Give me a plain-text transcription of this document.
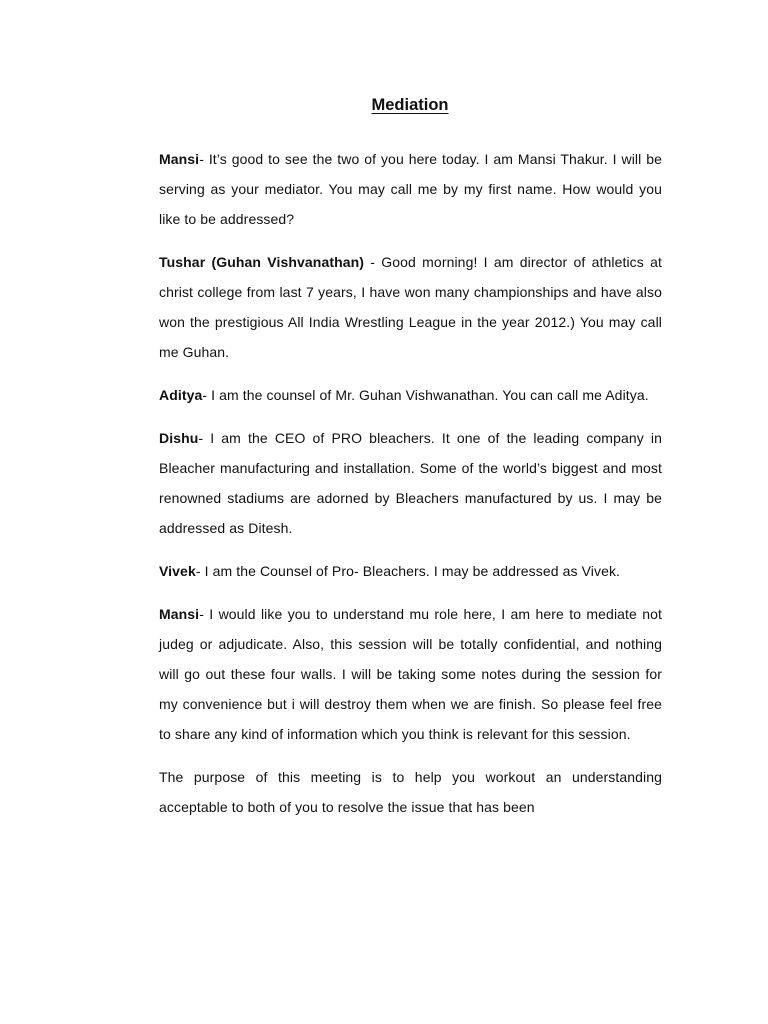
Mediation

Mansi- It’s good to see the two of you here today. I am Mansi Thakur. I will be serving as your mediator. You may call me by my first name. How would you like to be addressed?

Tushar (Guhan Vishvanathan) - Good morning! I am director of athletics at christ college from last 7 years, I have won many championships and have also won the prestigious All India Wrestling League in the year 2012.) You may call me Guhan.

Aditya- I am the counsel of Mr. Guhan Vishwanathan. You can call me Aditya.

Dishu- I am the CEO of PRO bleachers. It one of the leading company in Bleacher manufacturing and installation. Some of the world’s biggest and most renowned stadiums are adorned by Bleachers manufactured by us. I may be addressed as Ditesh.

Vivek- I am the Counsel of Pro- Bleachers. I may be addressed as Vivek.

Mansi- I would like you to understand mu role here, I am here to mediate not judeg or adjudicate. Also, this session will be totally confidential, and nothing will go out these four walls. I will be taking some notes during the session for my convenience but i will destroy them when we are finish. So please feel free to share any kind of information which you think is relevant for this session.

The purpose of this meeting is to help you workout an understanding acceptable to both of you to resolve the issue that has been
